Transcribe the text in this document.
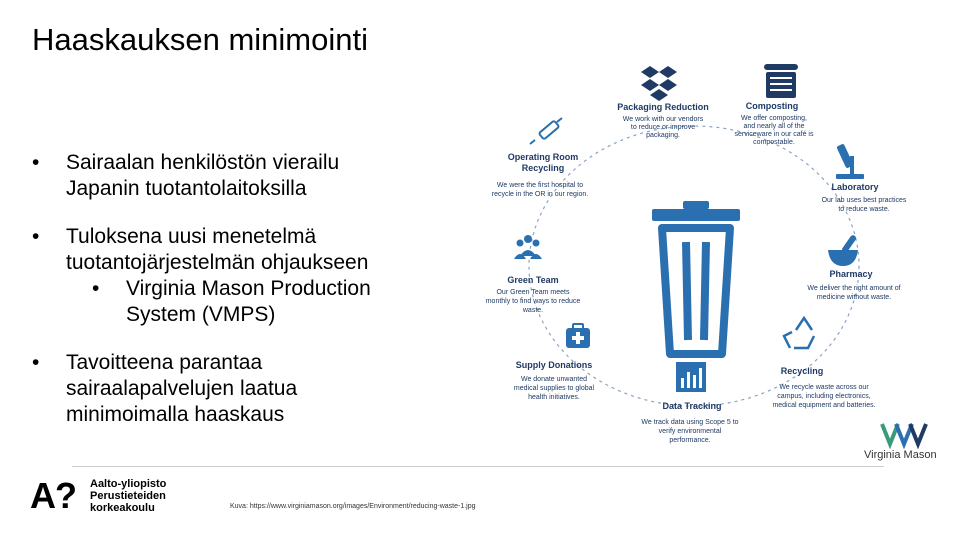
Haaskauksen minimointi
• Sairaalan henkilöstön vierailu
Japanin tuotantolaitoksilla
• Tuloksena uusi menetelmä
tuotantojärjestelmän ohjaukseen
• Virginia Mason Production
System (VMPS)
• Tavoitteena parantaa
sairaalapalvelujen laatua
minimoimalla haaskaus
Packaging Reduction
We work with our vendors
to reduce or improve
packaging.
Composting
We offer composting,
and nearly all of the
serviceware in our café is
compostable.
Operating Room
Recycling
We were the first hospital to
recycle in the OR in our region.
Laboratory
Our lab uses best practices
to reduce waste.
Green Team
Our Green Team meets
monthly to find ways to reduce
waste.
Pharmacy
We deliver the right amount of
medicine without waste.
Supply Donations
We donate unwanted
medical supplies to global
health initiatives.
Recycling
We recycle waste across our
campus, including electronics,
medical equipment and batteries.
Data Tracking
We track data using Scope 5 to
verify environmental
performance.
A? Aalto-yliopisto
Perustieteiden
korkeakoulu	Kuva: https://www.virginiamason.org/images/Environment/reducing-waste-1.jpg
Virginia Mason
